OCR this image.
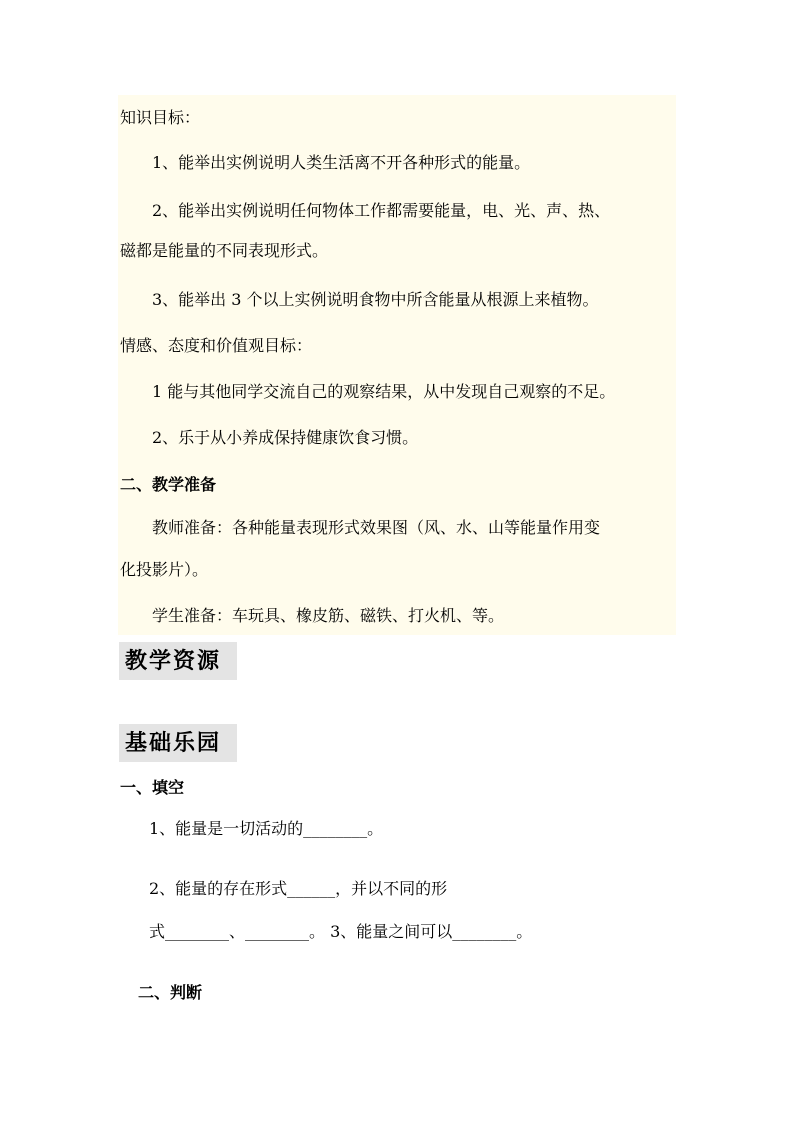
知识目标：
1、能举出实例说明人类生活离不开各种形式的能量。
2、能举出实例说明任何物体工作都需要能量，电、光、声、热、
磁都是能量的不同表现形式。
3、能举出 3 个以上实例说明食物中所含能量从根源上来植物。
情感、态度和价值观目标：
1 能与其他同学交流自己的观察结果，从中发现自己观察的不足。
2、乐于从小养成保持健康饮食习惯。
二、教学准备
教师准备：各种能量表现形式效果图（风、水、山等能量作用变
化投影片）。
学生准备：车玩具、橡皮筋、磁铁、打火机、等。
教学资源
基础乐园
一、填空
1、能量是一切活动的________。
2、能量的存在形式______，并以不同的形
式________、________。 3、能量之间可以________。
二、判断
